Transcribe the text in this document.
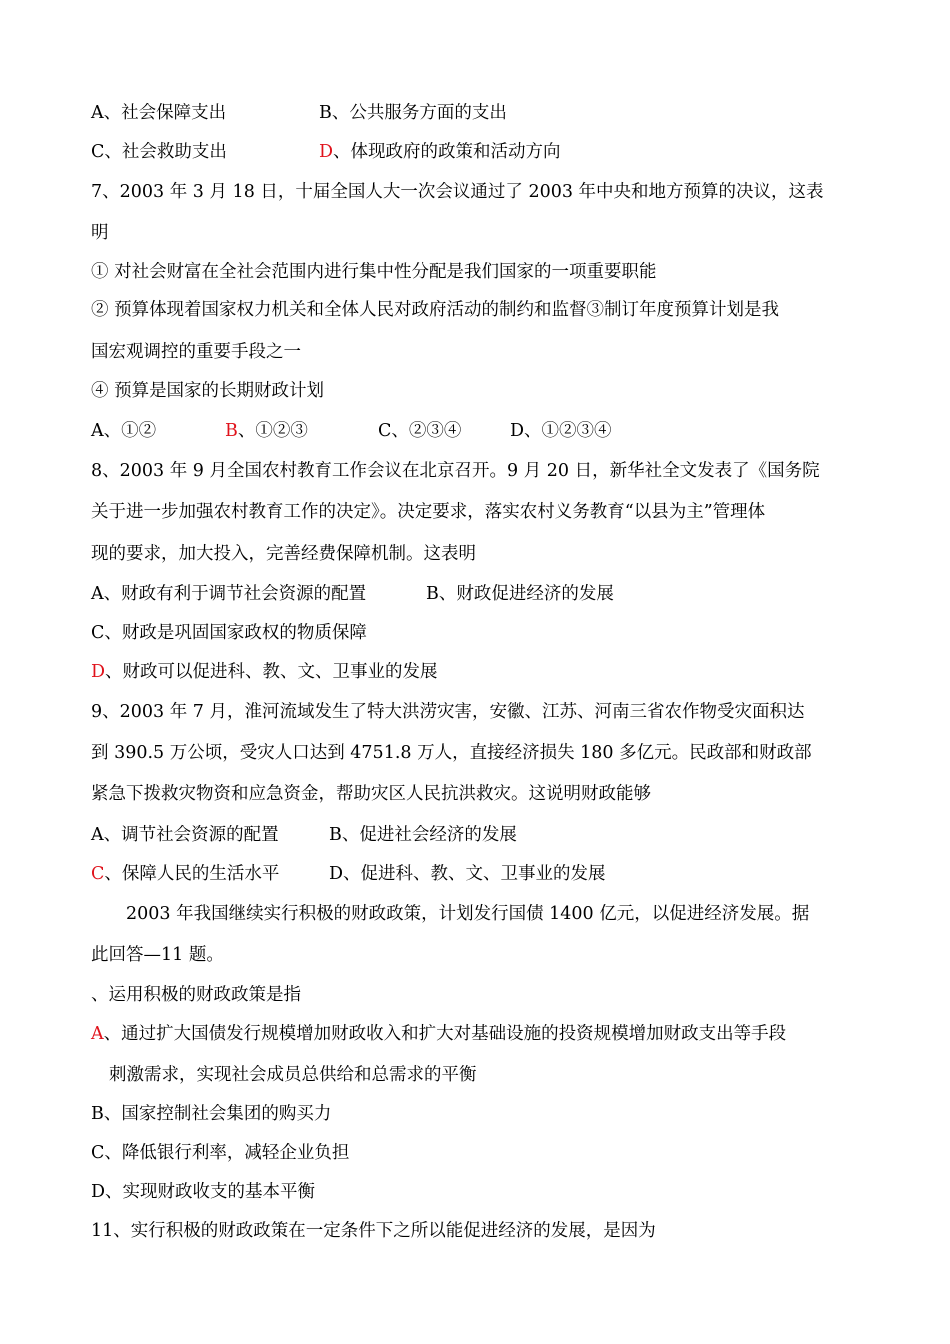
A、社会保障支出	B、公共服务方面的支出
C、社会救助支出	D、体现政府的政策和活动方向
7、2003 年 3 月 18 日，十届全国人大一次会议通过了 2003 年中央和地方预算的决议，这表
明
① 对社会财富在全社会范围内进行集中性分配是我们国家的一项重要职能
② 预算体现着国家权力机关和全体人民对政府活动的制约和监督③制订年度预算计划是我
国宏观调控的重要手段之一
④ 预算是国家的长期财政计划
A、①②	B、①②③	C、②③④	D、①②③④
8、2003 年 9 月全国农村教育工作会议在北京召开。9 月 20 日，新华社全文发表了《国务院
关于进一步加强农村教育工作的决定》。决定要求，落实农村义务教育“以县为主”管理体
现的要求，加大投入，完善经费保障机制。这表明
A、财政有利于调节社会资源的配置	B、财政促进经济的发展
C、财政是巩固国家政权的物质保障
D、财政可以促进科、教、文、卫事业的发展
9、2003 年 7 月，淮河流域发生了特大洪涝灾害，安徽、江苏、河南三省农作物受灾面积达
到 390.5 万公顷，受灾人口达到 4751.8 万人，直接经济损失 180 多亿元。民政部和财政部
紧急下拨救灾物资和应急资金，帮助灾区人民抗洪救灾。这说明财政能够
A、调节社会资源的配置	B、促进社会经济的发展
C、保障人民的生活水平	D、促进科、教、文、卫事业的发展
2003 年我国继续实行积极的财政政策，计划发行国债 1400 亿元，以促进经济发展。据
此回答—11 题。
、运用积极的财政政策是指
A、通过扩大国债发行规模增加财政收入和扩大对基础设施的投资规模增加财政支出等手段
刺激需求，实现社会成员总供给和总需求的平衡
B、国家控制社会集团的购买力
C、降低银行利率，减轻企业负担
D、实现财政收支的基本平衡
11、实行积极的财政政策在一定条件下之所以能促进经济的发展，是因为
